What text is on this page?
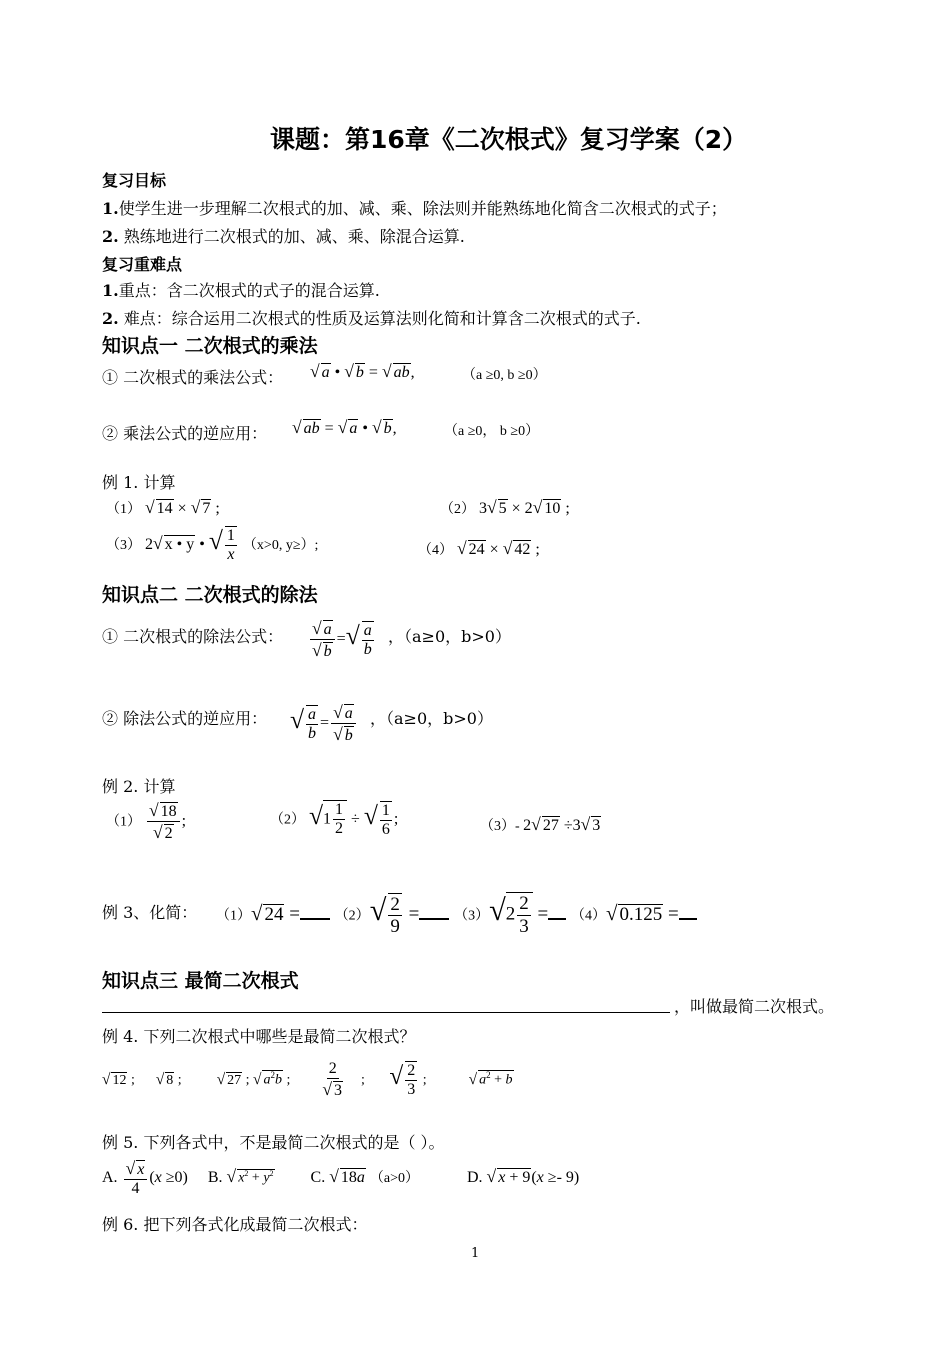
课题：第16章《二次根式》复习学案（2）
复习目标
1.使学生进一步理解二次根式的加、减、乘、除法则并能熟练地化简含二次根式的式子；
2. 熟练地进行二次根式的加、减、乘、除混合运算.
复习重难点
1.重点：含二次根式的式子的混合运算.
2. 难点：综合运用二次根式的性质及运算法则化简和计算含二次根式的式子.
知识点一 二次根式的乘法
① 二次根式的乘法公式： √ a • √ b = √ ab,	（a ≥0, b ≥0）
② 乘法公式的逆应用： √ ab = √ a • √ b,	（a ≥0， b ≥0）
例 1. 计算
（1） √ 14 × √ 7 ;	（2） 3√ 5 × 2√ 10 ;
（3） 2√ x • y • √ $\frac{1}{x} (x>0$, y≥）;	（4） √ 24 × √ 42 ;
知识点二 二次根式的除法
① 二次根式的除法公式： $\frac{√ a}{√ b}$ =√ $\frac{a}{b}$ ，（a≥0，b>0）
② 除法公式的逆应用： √ $\frac{a}{b} = \frac{√ a}{√ b}$ ，（a≥0，b>0）
例 2. 计算
$(1) \frac{√ 18}{√ 2}$ ;	（2） $√1 \frac{1}{2}$ ÷ √ $\frac{1}{6}$ ;	（3）- 2√ 27 ÷3√ 3
例 3、化简： （1）√ $24 = (2)√ \frac{2}{9} = (3)√2 \frac{2}{3} = (4)√$ 0.125 =
知识点三 最简二次根式
，叫做最简二次根式。
例 4. 下列二次根式中哪些是最简二次根式？
√ 12 ;      √ 8 ;          √ 27 ; √ $a^2b$ ; $\frac{2}{√ 3}$ ;       √ $\frac{2}{3}$ ;            √ $a^2 + b$
例 5. 下列各式中，不是最简二次根式的是（ ）。
A. $\frac{√ x}{4} (x \ge 0)$     B. √ $x^2 + y^2$ C. √ 18a （a>0）	D. √ x + 9(x ≥- 9)
例 6. 把下列各式化成最简二次根式：
1
